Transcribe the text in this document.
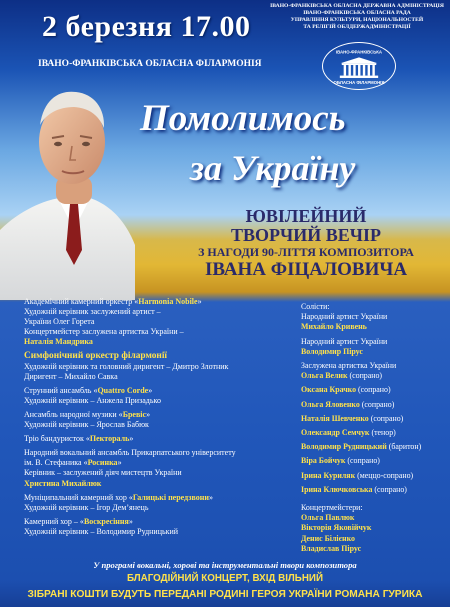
2 березня 17.00
ІВАНО-ФРАНКІВСЬКА ОБЛАСНА ФІЛАРМОНІЯ
ІВАНО-ФРАНКІВСЬКА ОБЛАСНА ДЕРЖАВНА АДМІНІСТРАЦІЯ
ІВАНО-ФРАНКІВСЬКА ОБЛАСНА РАДА
УПРАВЛІННЯ КУЛЬТУРИ, НАЦІОНАЛЬНОСТЕЙ
ТА РЕЛІГІЙ ОБЛДЕРЖАДМІНІСТРАЦІЇ
ІВАНО-ФРАНКІВСЬКА
ОБЛАСНА ФІЛАРМОНІЯ
Помолимось
за Україну
ЮВІЛЕЙНИЙ
ТВОРЧИЙ ВЕЧІР
З НАГОДИ 90-ЛІТТЯ КОМПОЗИТОРА
ІВАНА ФІЦАЛОВИЧА
Академічний камерний оркестр «Harmonia Nobile»
Художній керівник заслужений артист –
України Олег Горета
Концертмейстер заслужена артистка України –
Наталія Мандрика
Симфонічний оркестр філармонії
Художній керівник та головний диригент – Дмитро Злотник
Диригент – Михайло Савка
Струнний ансамбль «Quattro Corde»
Художній керівник – Анжела Призадько
Ансамбль народної музики «Бревіс»
Художній керівник – Ярослав Бабюк
Тріо бандуристок «Пектораль»
Народний вокальний ансамбль Прикарпатського університету
ім. В. Стефаника «Росинка»
Керівник – заслужений діяч мистецтв України
Христина Михайлюк
Муніципальний камерний хор «Галицькі передзвони»
Художній керівник – Ігор Дем’янець
Камерний хор – «Воскресіння»
Художній керівник – Володимир Рудницький
Солісти:
Народний артист України
Михайло Кривень
Народний артист України
Володимир Пірус
Заслужена артистка України
Ольга Велик (сопрано)
Оксана Крачко (сопрано)
Ольга Яловенко (сопрано)
Наталія Шевченко (сопрано)
Олександр Семчук (тенор)
Володимир Рудницький (баритон)
Віра Бойчук (сопрано)
Ірина Куриляк (меццо-сопрано)
Ірина Ключковська (сопрано)
Концертмейстери:
Ольга Павлюк
Вікторія Яковійчук
Денис Білієнко
Владислав Пірус
У програмі вокальні, хорові та інструментальні твори композитора
БЛАГОДІЙНИЙ КОНЦЕРТ, ВХІД ВІЛЬНИЙ
ЗІБРАНІ КОШТИ БУДУТЬ ПЕРЕДАНІ РОДИНІ ГЕРОЯ УКРАЇНИ РОМАНА ГУРИКА
